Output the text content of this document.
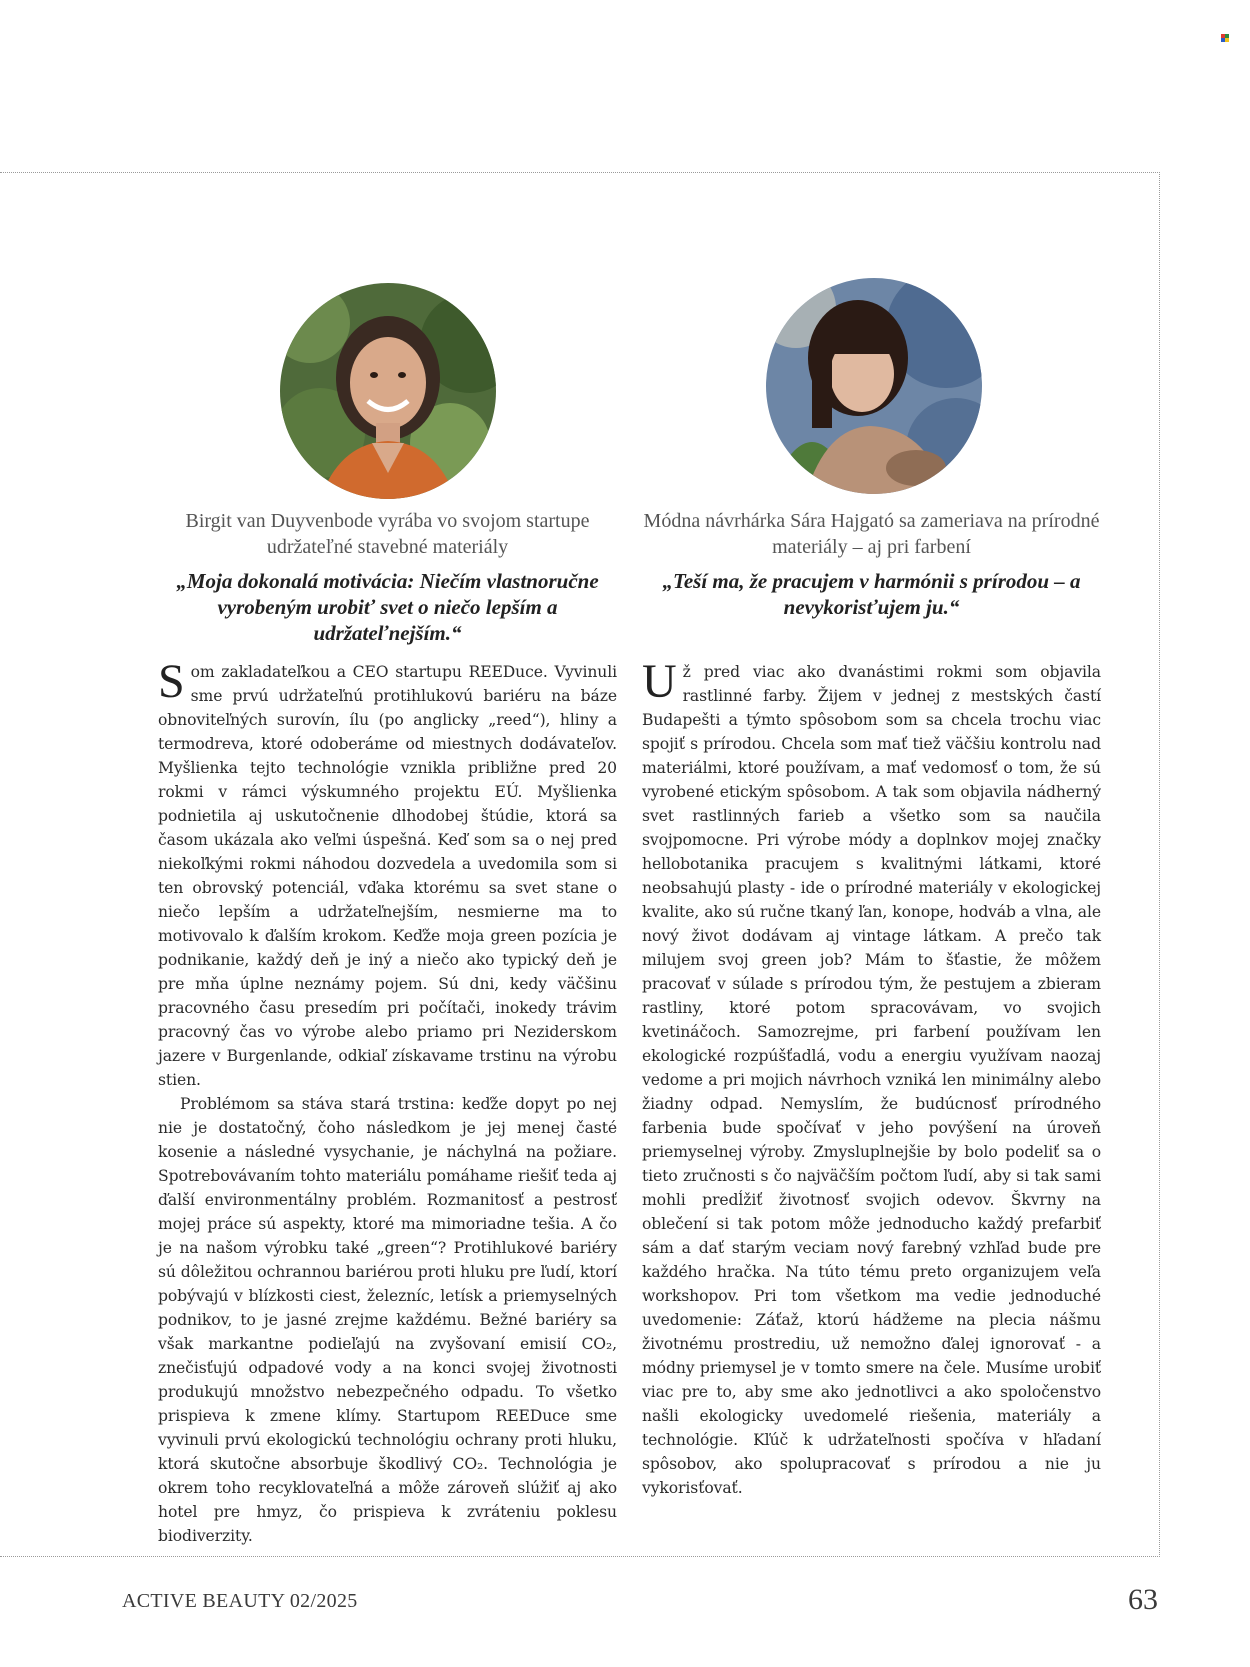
Birgit van Duyvenbode vyrába vo svojom startupe udržateľné stavebné materiály

„Moja dokonalá motivácia: Niečím vlastnoručne vyrobeným urobiť svet o niečo lepším a udržateľnejším.“

Som zakladateľkou a CEO startupu REEDuce. Vyvinuli sme prvú udržateľnú protihlukovú bariéru na báze obnoviteľných surovín, ílu (po anglicky „reed“), hliny a termodreva, ktoré odoberáme od miestnych dodávateľov. Myšlienka tejto technológie vznikla približne pred 20 rokmi v rámci výskumného projektu EÚ. Myšlienka podnietila aj uskutočnenie dlhodobej štúdie, ktorá sa časom ukázala ako veľmi úspešná. Keď som sa o nej pred niekoľkými rokmi náhodou dozvedela a uvedomila som si ten obrovský potenciál, vďaka ktorému sa svet stane o niečo lepším a udržateľnejším, nesmierne ma to motivovalo k ďalším krokom. Keďže moja green pozícia je podnikanie, každý deň je iný a niečo ako typický deň je pre mňa úplne neznámy pojem. Sú dni, kedy väčšinu pracovného času presedím pri počítači, inokedy trávim pracovný čas vo výrobe alebo priamo pri Neziderskom jazere v Burgenlande, odkiaľ získavame trstinu na výrobu stien.

Problémom sa stáva stará trstina: keďže dopyt po nej nie je dostatočný, čoho následkom je jej menej časté kosenie a následné vysychanie, je náchylná na požiare. Spotrebovávaním tohto materiálu pomáhame riešiť teda aj ďalší environmentálny problém. Rozmanitosť a pestrosť mojej práce sú aspekty, ktoré ma mimoriadne tešia. A čo je na našom výrobku také „green“? Protihlukové bariéry sú dôležitou ochrannou bariérou proti hluku pre ľudí, ktorí pobývajú v blízkosti ciest, železníc, letísk a priemyselných podnikov, to je jasné zrejme každému. Bežné bariéry sa však markantne podieľajú na zvyšovaní emisií CO₂, znečisťujú odpadové vody a na konci svojej životnosti produkujú množstvo nebezpečného odpadu. To všetko prispieva k zmene klímy. Startupom REEDuce sme vyvinuli prvú ekologickú technológiu ochrany proti hluku, ktorá skutočne absorbuje škodlivý CO₂. Technológia je okrem toho recyklovateľná a môže zároveň slúžiť aj ako hotel pre hmyz, čo prispieva k zvráteniu poklesu biodiverzity.

Módna návrhárka Sára Hajgató sa zameriava na prírodné materiály – aj pri farbení

„Teší ma, že pracujem v harmónii s prírodou – a nevykorisťujem ju.“

Už pred viac ako dvanástimi rokmi som objavila rastlinné farby. Žijem v jednej z mestských častí Budapešti a týmto spôsobom som sa chcela trochu viac spojiť s prírodou. Chcela som mať tiež väčšiu kontrolu nad materiálmi, ktoré používam, a mať vedomosť o tom, že sú vyrobené etickým spôsobom. A tak som objavila nádherný svet rastlinných farieb a všetko som sa naučila svojpomocne. Pri výrobe módy a doplnkov mojej značky hellobotanika pracujem s kvalitnými látkami, ktoré neobsahujú plasty - ide o prírodné materiály v ekologickej kvalite, ako sú ručne tkaný ľan, konope, hodváb a vlna, ale nový život dodávam aj vintage látkam. A prečo tak milujem svoj green job? Mám to šťastie, že môžem pracovať v súlade s prírodou tým, že pestujem a zbieram rastliny, ktoré potom spracovávam, vo svojich kvetináčoch. Samozrejme, pri farbení používam len ekologické rozpúšťadlá, vodu a energiu využívam naozaj vedome a pri mojich návrhoch vzniká len minimálny alebo žiadny odpad. Nemyslím, že budúcnosť prírodného farbenia bude spočívať v jeho povýšení na úroveň priemyselnej výroby. Zmysluplnejšie by bolo podeliť sa o tieto zručnosti s čo najväčším počtom ľudí, aby si tak sami mohli predĺžiť životnosť svojich odevov. Škvrny na oblečení si tak potom môže jednoducho každý prefarbiť sám a dať starým veciam nový farebný vzhľad bude pre každého hračka. Na túto tému preto organizujem veľa workshopov. Pri tom všetkom ma vedie jednoduché uvedomenie: Záťaž, ktorú hádžeme na plecia nášmu životnému prostrediu, už nemožno ďalej ignorovať - a módny priemysel je v tomto smere na čele. Musíme urobiť viac pre to, aby sme ako jednotlivci a ako spoločenstvo našli ekologicky uvedomelé riešenia, materiály a technológie. Kľúč k udržateľnosti spočíva v hľadaní spôsobov, ako spolupracovať s prírodou a nie ju vykorisťovať.

ACTIVE BEAUTY 02/2025	63
